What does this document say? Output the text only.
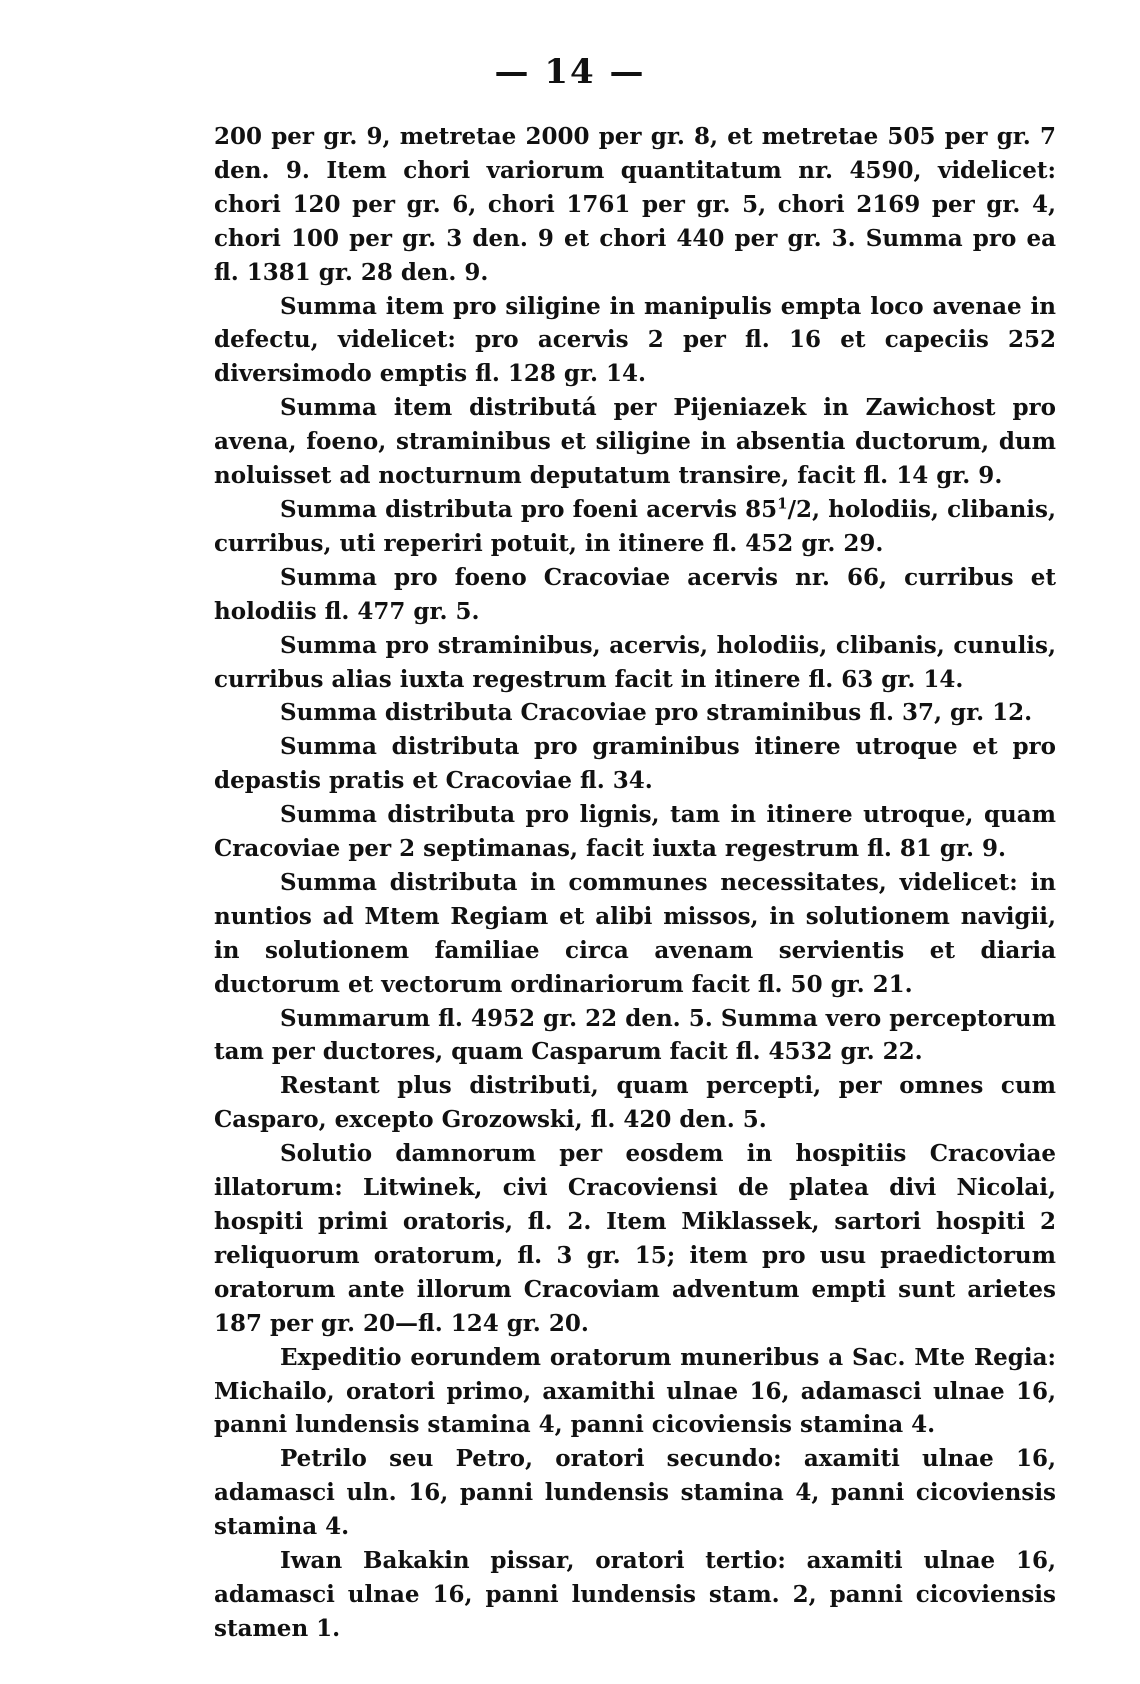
— 14 —

200 per gr. 9, metretae 2000 per gr. 8, et metretae 505 per gr. 7 den. 9. Item chori variorum quantitatum nr. 4590, videlicet: chori 120 per gr. 6, chori 1761 per gr. 5, chori 2169 per gr. 4, chori 100 per gr. 3 den. 9 et chori 440 per gr. 3. Summa pro ea fl. 1381 gr. 28 den. 9.

Summa item pro siligine in manipulis empta loco avenae in defectu, videlicet: pro acervis 2 per fl. 16 et capeciis 252 diversimodo emptis fl. 128 gr. 14.

Summa item distributá per Pijeniazek in Zawichost pro avena, foeno, straminibus et siligine in absentia ductorum, dum noluisset ad nocturnum deputatum transire, facit fl. 14 gr. 9.

Summa distributa pro foeni acervis $85^1/2$, holodiis, clibanis, curribus, uti reperiri potuit, in itinere fl. 452 gr. 29.

Summa pro foeno Cracoviae acervis nr. 66, curribus et holodiis fl. 477 gr. 5.

Summa pro straminibus, acervis, holodiis, clibanis, cunulis, curribus alias iuxta regestrum facit in itinere fl. 63 gr. 14.

Summa distributa Cracoviae pro straminibus fl. 37, gr. 12.

Summa distributa pro graminibus itinere utroque et pro depastis pratis et Cracoviae fl. 34.

Summa distributa pro lignis, tam in itinere utroque, quam Cracoviae per 2 septimanas, facit iuxta regestrum fl. 81 gr. 9.

Summa distributa in communes necessitates, videlicet: in nuntios ad Mtem Regiam et alibi missos, in solutionem navigii, in solutionem familiae circa avenam servientis et diaria ductorum et vectorum ordinariorum facit fl. 50 gr. 21.

Summarum fl. 4952 gr. 22 den. 5. Summa vero perceptorum tam per ductores, quam Casparum facit fl. 4532 gr. 22.

Restant plus distributi, quam percepti, per omnes cum Casparo, excepto Grozowski, fl. 420 den. 5.

Solutio damnorum per eosdem in hospitiis Cracoviae illatorum: Litwinek, civi Cracoviensi de platea divi Nicolai, hospiti primi oratoris, fl. 2. Item Miklassek, sartori hospiti 2 reliquorum oratorum, fl. 3 gr. 15; item pro usu praedictorum oratorum ante illorum Cracoviam adventum empti sunt arietes 187 per gr. 20—fl. 124 gr. 20.

Expeditio eorundem oratorum muneribus a Sac. Mte Regia: Michailo, oratori primo, axamithi ulnae 16, adamasci ulnae 16, panni lundensis stamina 4, panni cicoviensis stamina 4.

Petrilo seu Petro, oratori secundo: axamiti ulnae 16, adamasci uln. 16, panni lundensis stamina 4, panni cicoviensis stamina 4.

Iwan Bakakin pissar, oratori tertio: axamiti ulnae 16, adamasci ulnae 16, panni lundensis stam. 2, panni cicoviensis stamen 1.
